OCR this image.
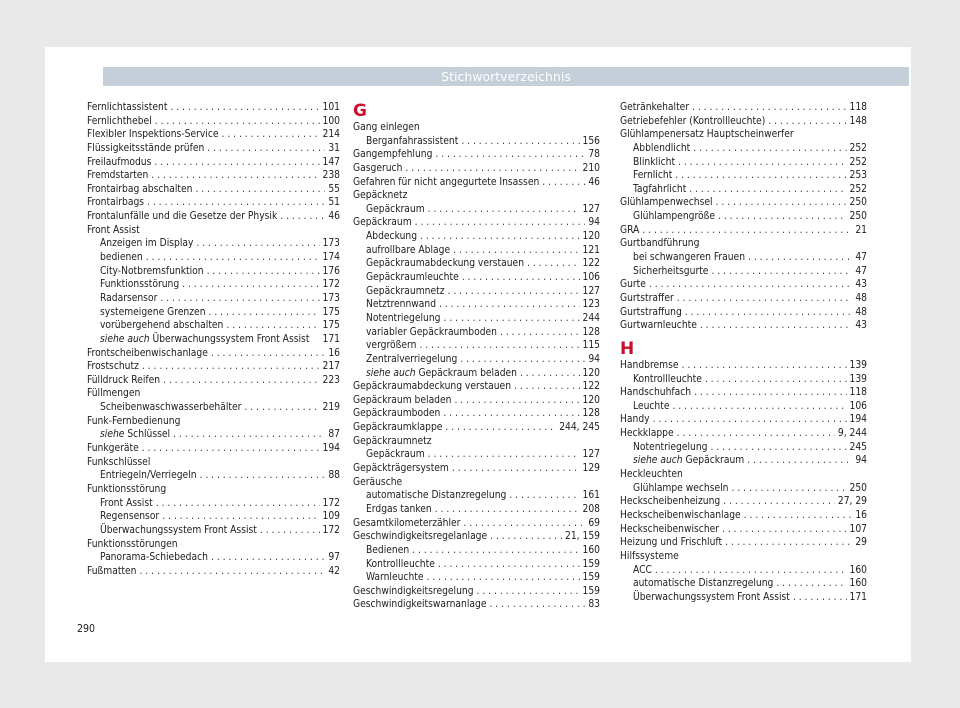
Stichwortverzeichnis
Fernlichtassistent . . .	101
Fernlichthebel . . .	100
Flexibler Inspektions-Service . . .	214
Flüssigkeitsstände prüfen . . .	31
Freilaufmodus . . .	147
Fremdstarten . . .	238
Frontairbag abschalten . . .	55
Frontairbags . . .	51
Frontalunfälle und die Gesetze der Physik . . .	46
Front Assist
Anzeigen im Display . . .	173
bedienen . . .	174
City-Notbremsfunktion . . .	176
Funktionsstörung . . .	172
Radarsensor . . .	173
systemeigene Grenzen . . .	175
vorübergehend abschalten . . .	175
siehe auch Überwachungssystem Front Assist 171
Frontscheibenwischanlage . . .	16
Frostschutz . . .	217
Fülldruck Reifen . . .	223
Füllmengen
Scheibenwaschwasserbehälter . . .	219
Funk-Fernbedienung
siehe Schlüssel . . .	87
Funkgeräte . . .	194
Funkschlüssel
Entriegeln/Verriegeln . . .	88
Funktionsstörung
Front Assist . . .	172
Regensensor . . .	109
Überwachungssystem Front Assist . . .	172
Funktionsstörungen
Panorama-Schiebedach . . .	97
Fußmatten . . .	42
G
Gang einlegen
Berganfahrassistent . . .	156
Gangempfehlung . . .	78
Gasgeruch . . .	210
Gefahren für nicht angegurtete Insassen . . .	46
Gepäcknetz
Gepäckraum . . .	127
Gepäckraum . . .	94
Abdeckung . . .	120
aufrollbare Ablage . . .	121
Gepäckraumabdeckung verstauen . . .	122
Gepäckraumleuchte . . .	106
Gepäckraumnetz . . .	127
Netztrennwand . . .	123
Notentriegelung . . .	244
variabler Gepäckraumboden . . .	128
vergrößern . . .	115
Zentralverriegelung . . .	94
siehe auch Gepäckraum beladen . . .	120
Gepäckraumabdeckung verstauen . . .	122
Gepäckraum beladen . . .	120
Gepäckraumboden . . .	128
Gepäckraumklappe . . .	244, 245
Gepäckraumnetz
Gepäckraum . . .	127
Gepäckträgersystem . . .	129
Geräusche
automatische Distanzregelung . . .	161
Erdgas tanken . . .	208
Gesamtkilometerzähler . . .	69
Geschwindigkeitsregelanlage . . .	21, 159
Bedienen . . .	160
Kontrollleuchte . . .	159
Warnleuchte . . .	159
Geschwindigkeitsregelung . . .	159
Geschwindigkeitswarnanlage . . .	83
Getränkehalter . . .	118
Getriebefehler (Kontrollleuchte) . . .	148
Glühlampenersatz Hauptscheinwerfer
Abblendlicht . . .	252
Blinklicht . . .	252
Fernlicht . . .	253
Tagfahrlicht . . .	252
Glühlampenwechsel . . .	250
Glühlampengröße . . .	250
GRA . . .	21
Gurtbandführung
bei schwangeren Frauen . . .	47
Sicherheitsgurte . . .	47
Gurte . . .	43
Gurtstraffer . . .	48
Gurtstraffung . . .	48
Gurtwarnleuchte . . .	43
H
Handbremse . . .	139
Kontrollleuchte . . .	139
Handschuhfach . . .	118
Leuchte . . .	106
Handy . . .	194
Heckklappe . . .	9, 244
Notentriegelung . . .	245
siehe auch Gepäckraum . . .	94
Heckleuchten
Glühlampe wechseln . . .	250
Heckscheibenheizung . . .	27, 29
Heckscheibenwischanlage . . .	16
Heckscheibenwischer . . .	107
Heizung und Frischluft . . .	29
Hilfssysteme
ACC . . .	160
automatische Distanzregelung . . .	160
Überwachungssystem Front Assist . . .	171
290
